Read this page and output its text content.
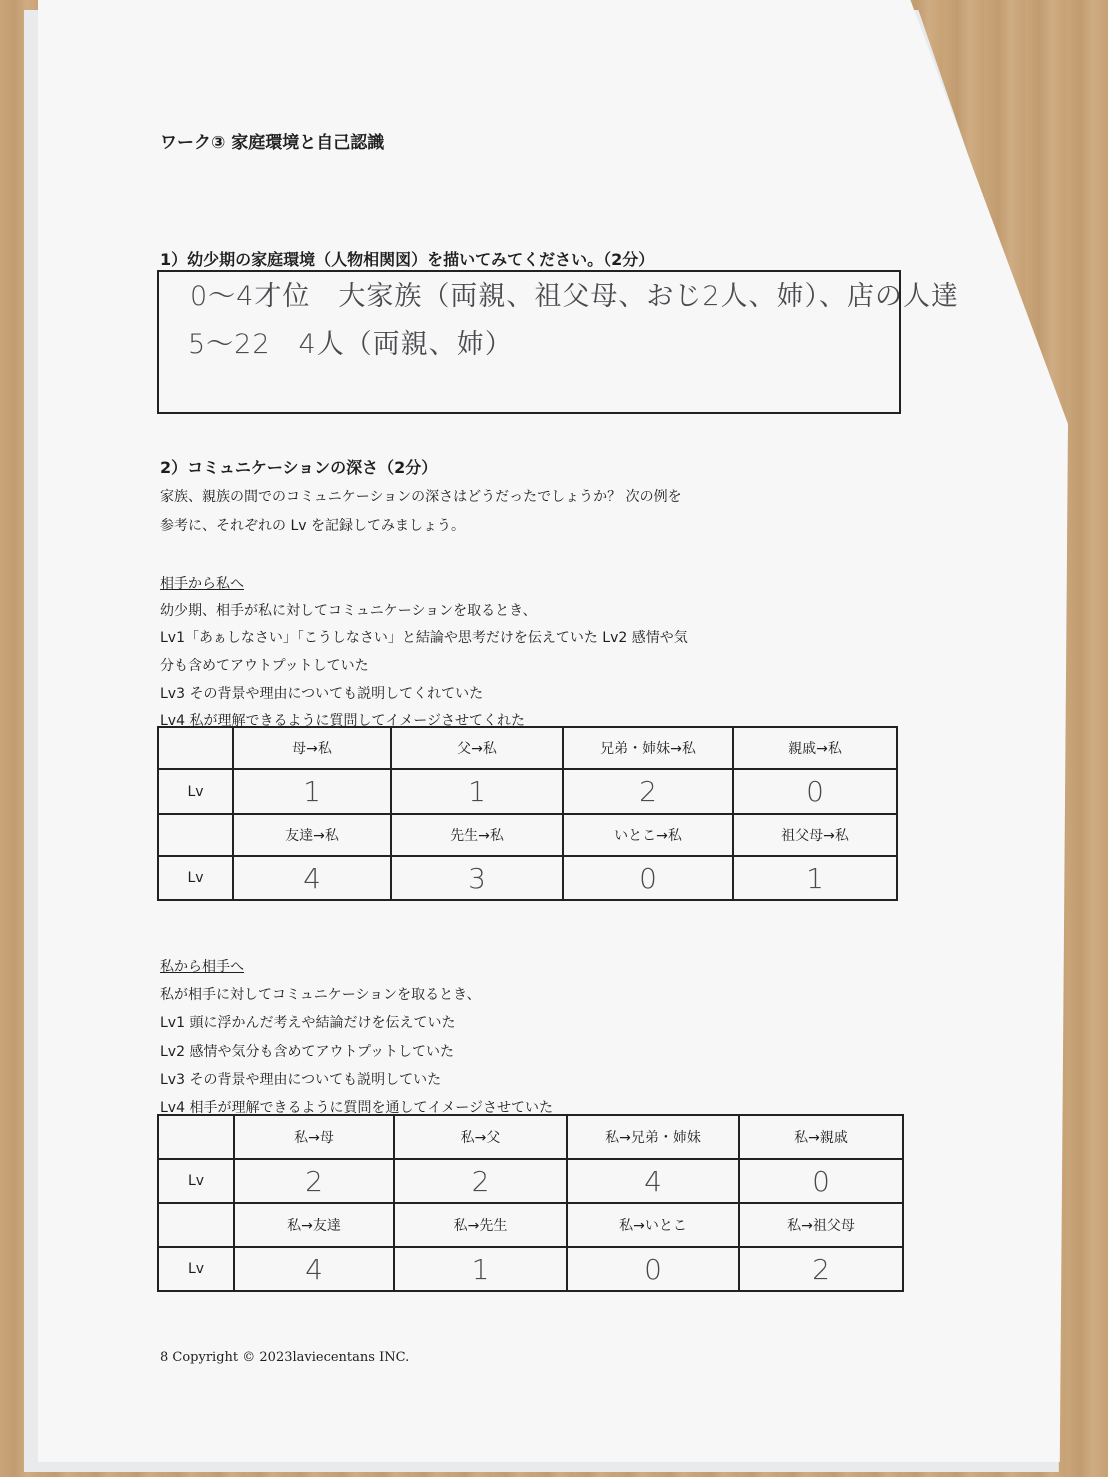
ワーク③ 家庭環境と自己認識
1）幼少期の家庭環境（人物相関図）を描いてみてください。（2分）
0～4才位　大家族（両親、祖父母、おじ2人、姉）、店の人達
5～22　4人（両親、姉）
2）コミュニケーションの深さ（2分）
家族、親族の間でのコミュニケーションの深さはどうだったでしょうか？ 次の例を
参考に、それぞれの Lv を記録してみましょう。
相手から私へ
幼少期、相手が私に対してコミュニケーションを取るとき、
Lv1「あぁしなさい」「こうしなさい」と結論や思考だけを伝えていた Lv2 感情や気
分も含めてアウトプットしていた
Lv3 その背景や理由についても説明してくれていた
Lv4 私が理解できるように質問してイメージさせてくれた
	母→私	父→私	兄弟・姉妹→私	親戚→私
Lv	1	1	2	0
	友達→私	先生→私	いとこ→私	祖父母→私
Lv	4	3	0	1
私から相手へ
私が相手に対してコミュニケーションを取るとき、
Lv1 頭に浮かんだ考えや結論だけを伝えていた
Lv2 感情や気分も含めてアウトプットしていた
Lv3 その背景や理由についても説明していた
Lv4 相手が理解できるように質問を通してイメージさせていた
	私→母	私→父	私→兄弟・姉妹	私→親戚
Lv	2	2	4	0
	私→友達	私→先生	私→いとこ	私→祖父母
Lv	4	1	0	2
8 Copyright © 2023laviecentans INC.
